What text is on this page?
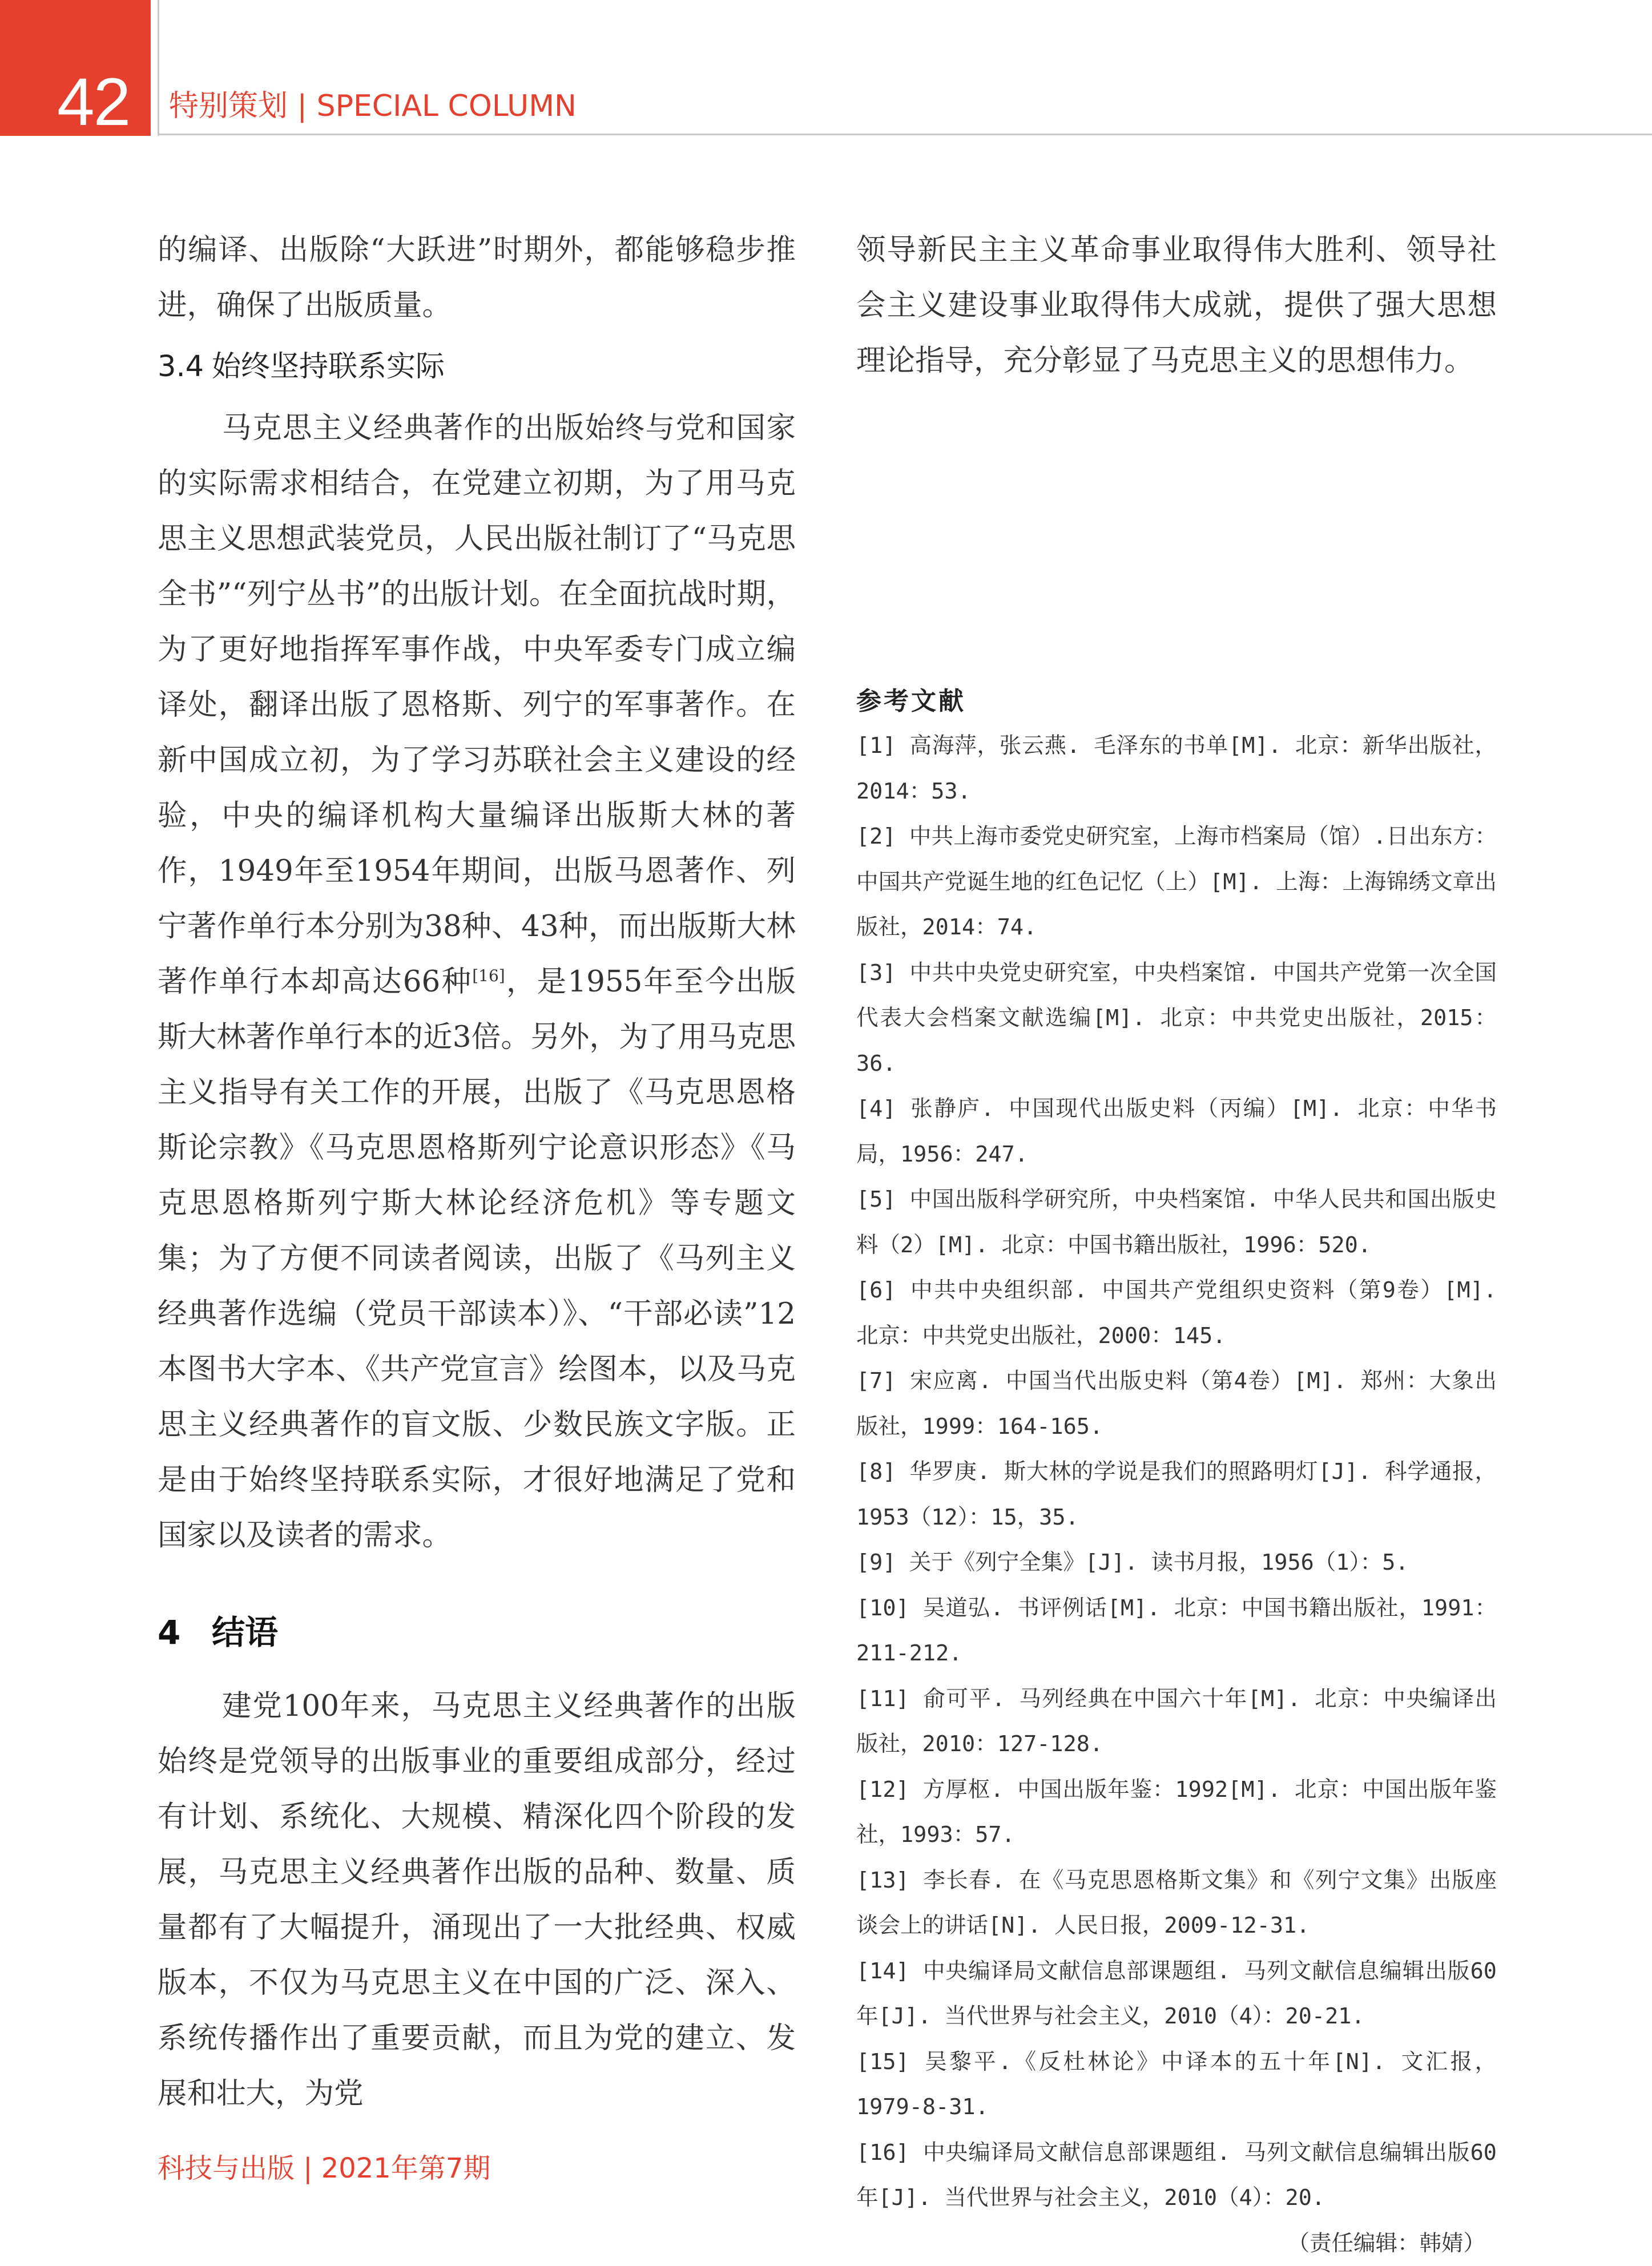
42 特别策划 | SPECIAL COLUMN

的编译、出版除“大跃进”时期外，都能够稳步推进，确保了出版质量。

3.4 始终坚持联系实际

马克思主义经典著作的出版始终与党和国家的实际需求相结合，在党建立初期，为了用马克思主义思想武装党员，人民出版社制订了“马克思全书”“列宁丛书”的出版计划。在全面抗战时期，为了更好地指挥军事作战，中央军委专门成立编译处，翻译出版了恩格斯、列宁的军事著作。在新中国成立初，为了学习苏联社会主义建设的经验，中央的编译机构大量编译出版斯大林的著作，1949年至1954年期间，出版马恩著作、列宁著作单行本分别为38种、43种，而出版斯大林著作单行本却高达66种[16]，是1955年至今出版斯大林著作单行本的近3倍。另外，为了用马克思主义指导有关工作的开展，出版了《马克思恩格斯论宗教》《马克思恩格斯列宁论意识形态》《马克思恩格斯列宁斯大林论经济危机》等专题文集；为了方便不同读者阅读，出版了《马列主义经典著作选编（党员干部读本）》、“干部必读”12本图书大字本、《共产党宣言》绘图本，以及马克思主义经典著作的盲文版、少数民族文字版。正是由于始终坚持联系实际，才很好地满足了党和国家以及读者的需求。

4 结语

建党100年来，马克思主义经典著作的出版始终是党领导的出版事业的重要组成部分，经过有计划、系统化、大规模、精深化四个阶段的发展，马克思主义经典著作出版的品种、数量、质量都有了大幅提升，涌现出了一大批经典、权威版本，不仅为马克思主义在中国的广泛、深入、系统传播作出了重要贡献，而且为党的建立、发展和壮大，为党

领导新民主主义革命事业取得伟大胜利、领导社会主义建设事业取得伟大成就，提供了强大思想理论指导，充分彰显了马克思主义的思想伟力。

参考文献

[1] 高海萍，张云燕. 毛泽东的书单[M]. 北京：新华出版社，2014：53.

[2] 中共上海市委党史研究室，上海市档案局（馆）.日出东方：中国共产党诞生地的红色记忆（上）[M]. 上海：上海锦绣文章出版社，2014：74.

[3] 中共中央党史研究室，中央档案馆. 中国共产党第一次全国代表大会档案文献选编[M]. 北京：中共党史出版社，2015：36.

[4] 张静庐. 中国现代出版史料（丙编）[M]. 北京：中华书局，1956：247.

[5] 中国出版科学研究所，中央档案馆. 中华人民共和国出版史料（2）[M]. 北京：中国书籍出版社，1996：520.

[6] 中共中央组织部. 中国共产党组织史资料（第9卷）[M]. 北京：中共党史出版社，2000：145.

[7] 宋应离. 中国当代出版史料（第4卷）[M]. 郑州：大象出版社，1999：164-165.

[8] 华罗庚. 斯大林的学说是我们的照路明灯[J]. 科学通报，1953（12）：15，35.

[9] 关于《列宁全集》[J]. 读书月报，1956（1）：5.

[10] 吴道弘. 书评例话[M]. 北京：中国书籍出版社，1991：211-212.

[11] 俞可平. 马列经典在中国六十年[M]. 北京：中央编译出版社，2010：127-128.

[12] 方厚枢. 中国出版年鉴：1992[M]. 北京：中国出版年鉴社，1993：57.

[13] 李长春. 在《马克思恩格斯文集》和《列宁文集》出版座谈会上的讲话[N]. 人民日报，2009-12-31.

[14] 中央编译局文献信息部课题组. 马列文献信息编辑出版60年[J]. 当代世界与社会主义，2010（4）：20-21.

[15] 吴黎平.《反杜林论》中译本的五十年[N]. 文汇报，1979-8-31.

[16] 中央编译局文献信息部课题组. 马列文献信息编辑出版60年[J]. 当代世界与社会主义，2010（4）：20.

（责任编辑：韩婧）

科技与出版 | 2021年第7期
